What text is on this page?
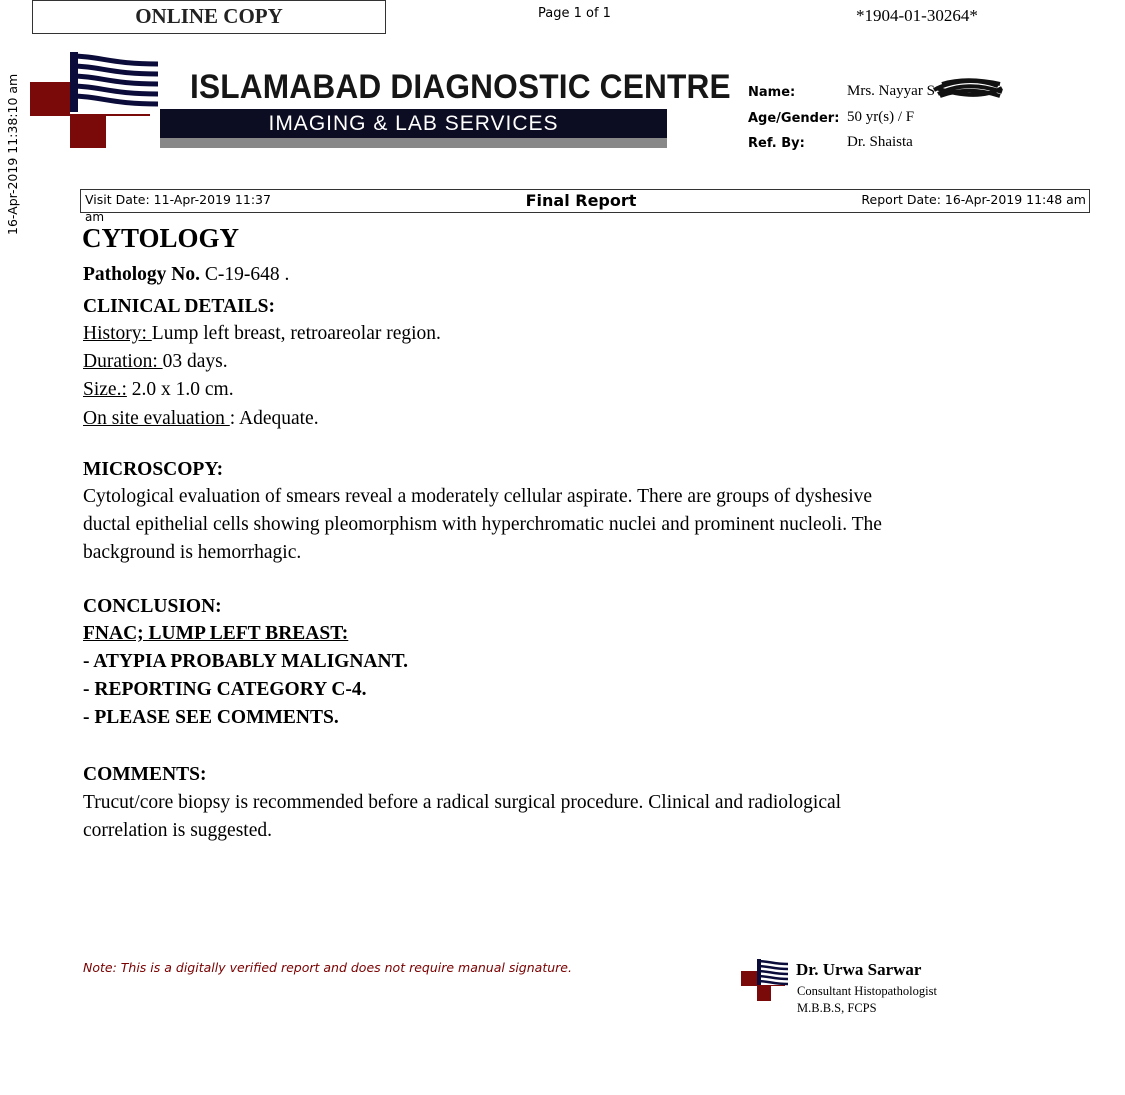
ONLINE COPY	Page 1 of 1	*1904-01-30264*
16-Apr-2019 11:38:10 am	ISLAMABAD DIAGNOSTIC CENTRE
IMAGING & LAB SERVICES
Name:	Mrs. Nayyar S
Age/Gender: 50 yr(s) / F
Ref. By:	Dr. Shaista
Visit Date: 11-Apr-2019 11:37	Final Report	Report Date: 16-Apr-2019 11:48 am
am
CYTOLOGY
Pathology No. C-19-648 .
CLINICAL DETAILS:
History: Lump left breast, retroareolar region.
Duration: 03 days.
Size.: 2.0 x 1.0 cm.
On site evaluation : Adequate.
MICROSCOPY:
Cytological evaluation of smears reveal a moderately cellular aspirate. There are groups of dyshesive
ductal epithelial cells showing pleomorphism with hyperchromatic nuclei and prominent nucleoli. The
background is hemorrhagic.
CONCLUSION:
FNAC; LUMP LEFT BREAST:
- ATYPIA PROBABLY MALIGNANT.
- REPORTING CATEGORY C-4.
- PLEASE SEE COMMENTS.
COMMENTS:
Trucut/core biopsy is recommended before a radical surgical procedure. Clinical and radiological
correlation is suggested.
Note: This is a digitally verified report and does not require manual signature.	Dr. Urwa Sarwar
Consultant Histopathologist
M.B.B.S, FCPS
